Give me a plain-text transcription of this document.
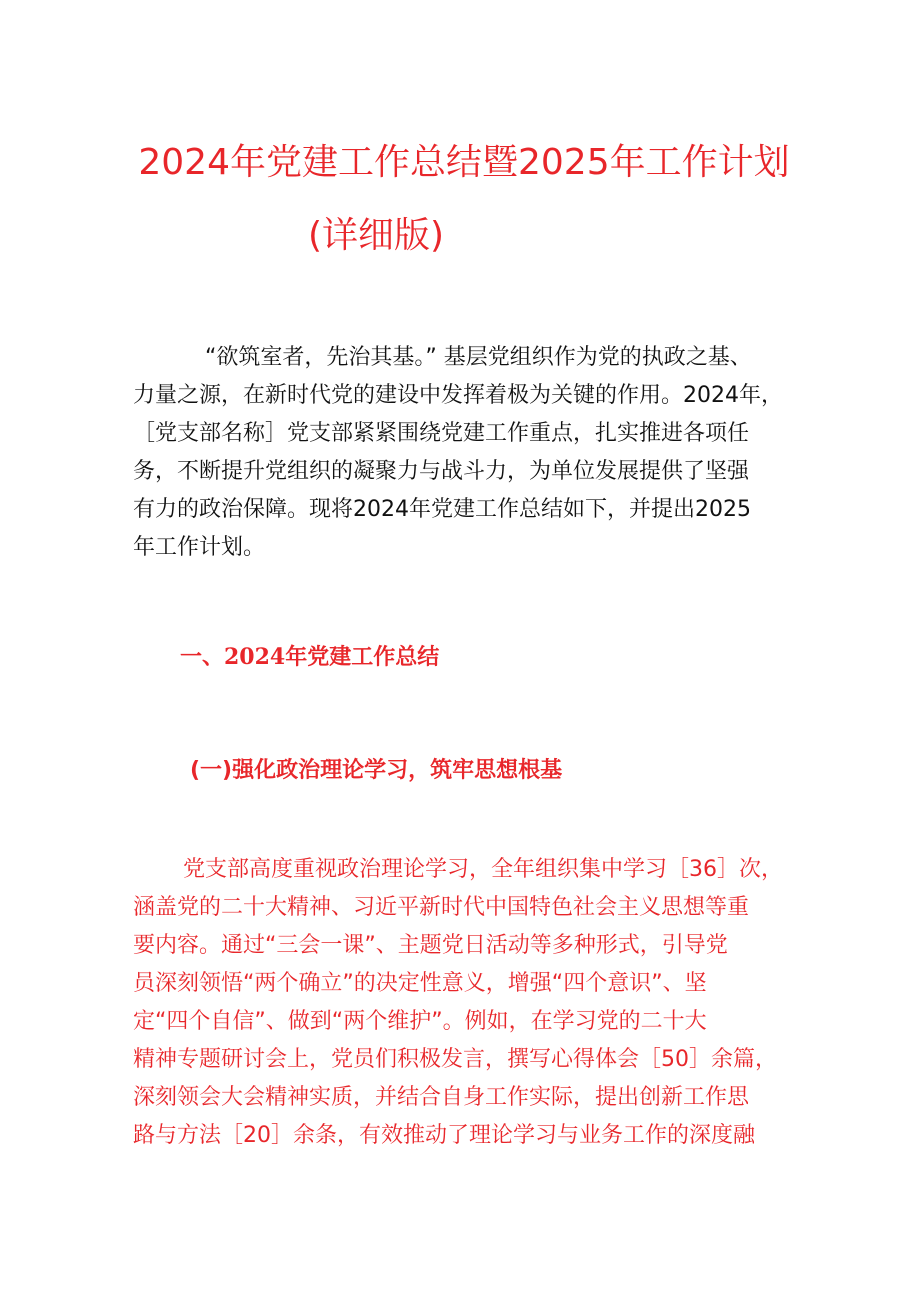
2024年党建工作总结暨2025年工作计划
(详细版)
“欲筑室者，先治其基。” 基层党组织作为党的执政之基、
力量之源，在新时代党的建设中发挥着极为关键的作用。2024年，
［党支部名称］党支部紧紧围绕党建工作重点，扎实推进各项任
务，不断提升党组织的凝聚力与战斗力，为单位发展提供了坚强
有力的政治保障。现将2024年党建工作总结如下，并提出2025
年工作计划。
一、2024年党建工作总结
(一)强化政治理论学习，筑牢思想根基
党支部高度重视政治理论学习，全年组织集中学习［36］次，
涵盖党的二十大精神、习近平新时代中国特色社会主义思想等重
要内容。通过“三会一课”、主题党日活动等多种形式，引导党
员深刻领悟“两个确立”的决定性意义，增强“四个意识”、坚
定“四个自信”、做到“两个维护”。例如，在学习党的二十大
精神专题研讨会上，党员们积极发言，撰写心得体会［50］余篇，
深刻领会大会精神实质，并结合自身工作实际，提出创新工作思
路与方法［20］余条，有效推动了理论学习与业务工作的深度融
